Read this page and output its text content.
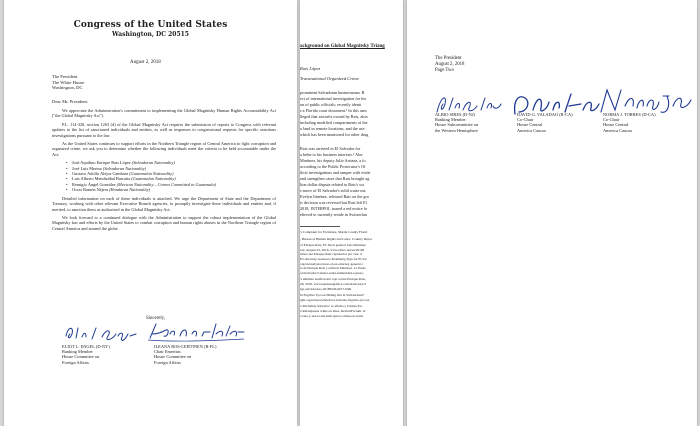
Congress of the United States
Washington, DC 20515
August 2, 2018
The President
The White House
Washington, DC
Dear Mr. President:

We appreciate the Administration's commitment to implementing the Global Magnitsky Human Rights Accountability Act ("the Global Magnitsky Act").

P.L. 114-328, section 1263 (d) of the Global Magnitsky Act requires the submission of reports to Congress with relevant updates to the list of sanctioned individuals and entities, as well as responses to congressional requests for specific sanctions investigations pursuant to the law.

As the United States continues to support efforts in the Northern Triangle region of Central America to fight corruption and organized crime, we ask you to determine whether the following individuals meet the criteria to be held accountable under the Act:

• José Aquilino Enrique Rais López (Salvadoran Nationality)
• José Luis Merino (Salvadoran Nationality)
• Gustavo Adolfo Alejos Cambara (Guatemalan Nationality)
• Luis Alberto Mendizábal Barrutia (Guatemalan Nationality)
• Remigio Ángel González (Mexican Nationality – Crimes Committed in Guatemala)
• Oscar Ramón Nájera (Honduran Nationality)

Detailed information on each of these individuals is attached. We urge the Department of State and the Department of Treasury, working with other relevant Executive Branch agencies, to promptly investigate these individuals and entities and, if merited, to sanction them as authorized in the Global Magnitsky Act.

We look forward to a continued dialogue with the Administration to support the robust implementation of the Global Magnitsky law and efforts by the United States to combat corruption and human rights abuses in the Northern Triangle region of Central America and around the globe.

Sincerely,
ELIOT L. ENGEL (D-NY)
Ranking Member
House Committee on
Foreign Affairs
ILEANA ROS-LEHTINEN (R-FL)
Chair Emeritus
House Committee on
Foreign Affairs
ackground on Global Magnitsky Triang
Raís López
Transnational Organized Crime
prominent Salvadoran businessman. R
ect of international investigation for his
on of public officials; recently identi
s a Florida court document.¹ In this sam
lleged that aircrafts owned by Rais, alon
including modified compartments of the
o land in remote locations, and the use
which has been monitored for other drug
Rais was arrested in El Salvador for
a bribe to his business interests.² Alor
Martínez, his deputy Julio Arriaza, a fo
according to the Public Prosecutor's Of
ilicit investigations and tamper with evide
and strengthen cases that Rais brought ag
lion dollar dispute related to Rais's wa
s move of El Salvador's solid waste ma
Evelyn Jiménez, released Rais on the gro
is decision was reversed but Rais left El
2018, INTERPOL issued a red notice fo
elieved to currently reside in Switzerlan
's Complaint for Forfeiture, Martin County Florid
, Bureau of Human Rights and Labor. Country Repor
of Enrique Rais, Ex fiscal general Luis Martínez
ion: August 23, 2016. www.elfaro.net/es/20160
elfaro.net Enrique Rais capturados por caso d
Ex-Attorney General a Promising Sign for El Sal
org/en/analysis/arrest-of-ex-attorney-general-i
ía de Enrique Rais y exfiscal Martínez. La Prens
a/elsalvador/Camara-retira-inmunidad-a-jueza-
's ultimate notificación roja contra Enrique Rais,
26, 2018. www.laprensagrafica.com/elsalvador/I
iga-salvadoreno-20180226-0017.html
ht Fugitive Tycoon Hiding Out in Switzerland?
ight.org/en/news/briefs/el-salvador-fugitive-tycoon
ó Michelleu Salvador: se afirma y Crimes Fac
ó Rafaelpenas crime en línea, RevistaFactum. O
ó ruta-y-usa-la-ma-helicoptero-crime-en-venta
The President
August 2, 2018
Page Two
ALBIO SIRES (D-NJ)
Ranking Member
House Subcommittee on
the Western Hemisphere
DAVID G. VALADAO (R-CA)
Co-Chair
House Central
America Caucus
NORMA J. TORRES (D-CA)
Co-Chair
House Central
America Caucus
